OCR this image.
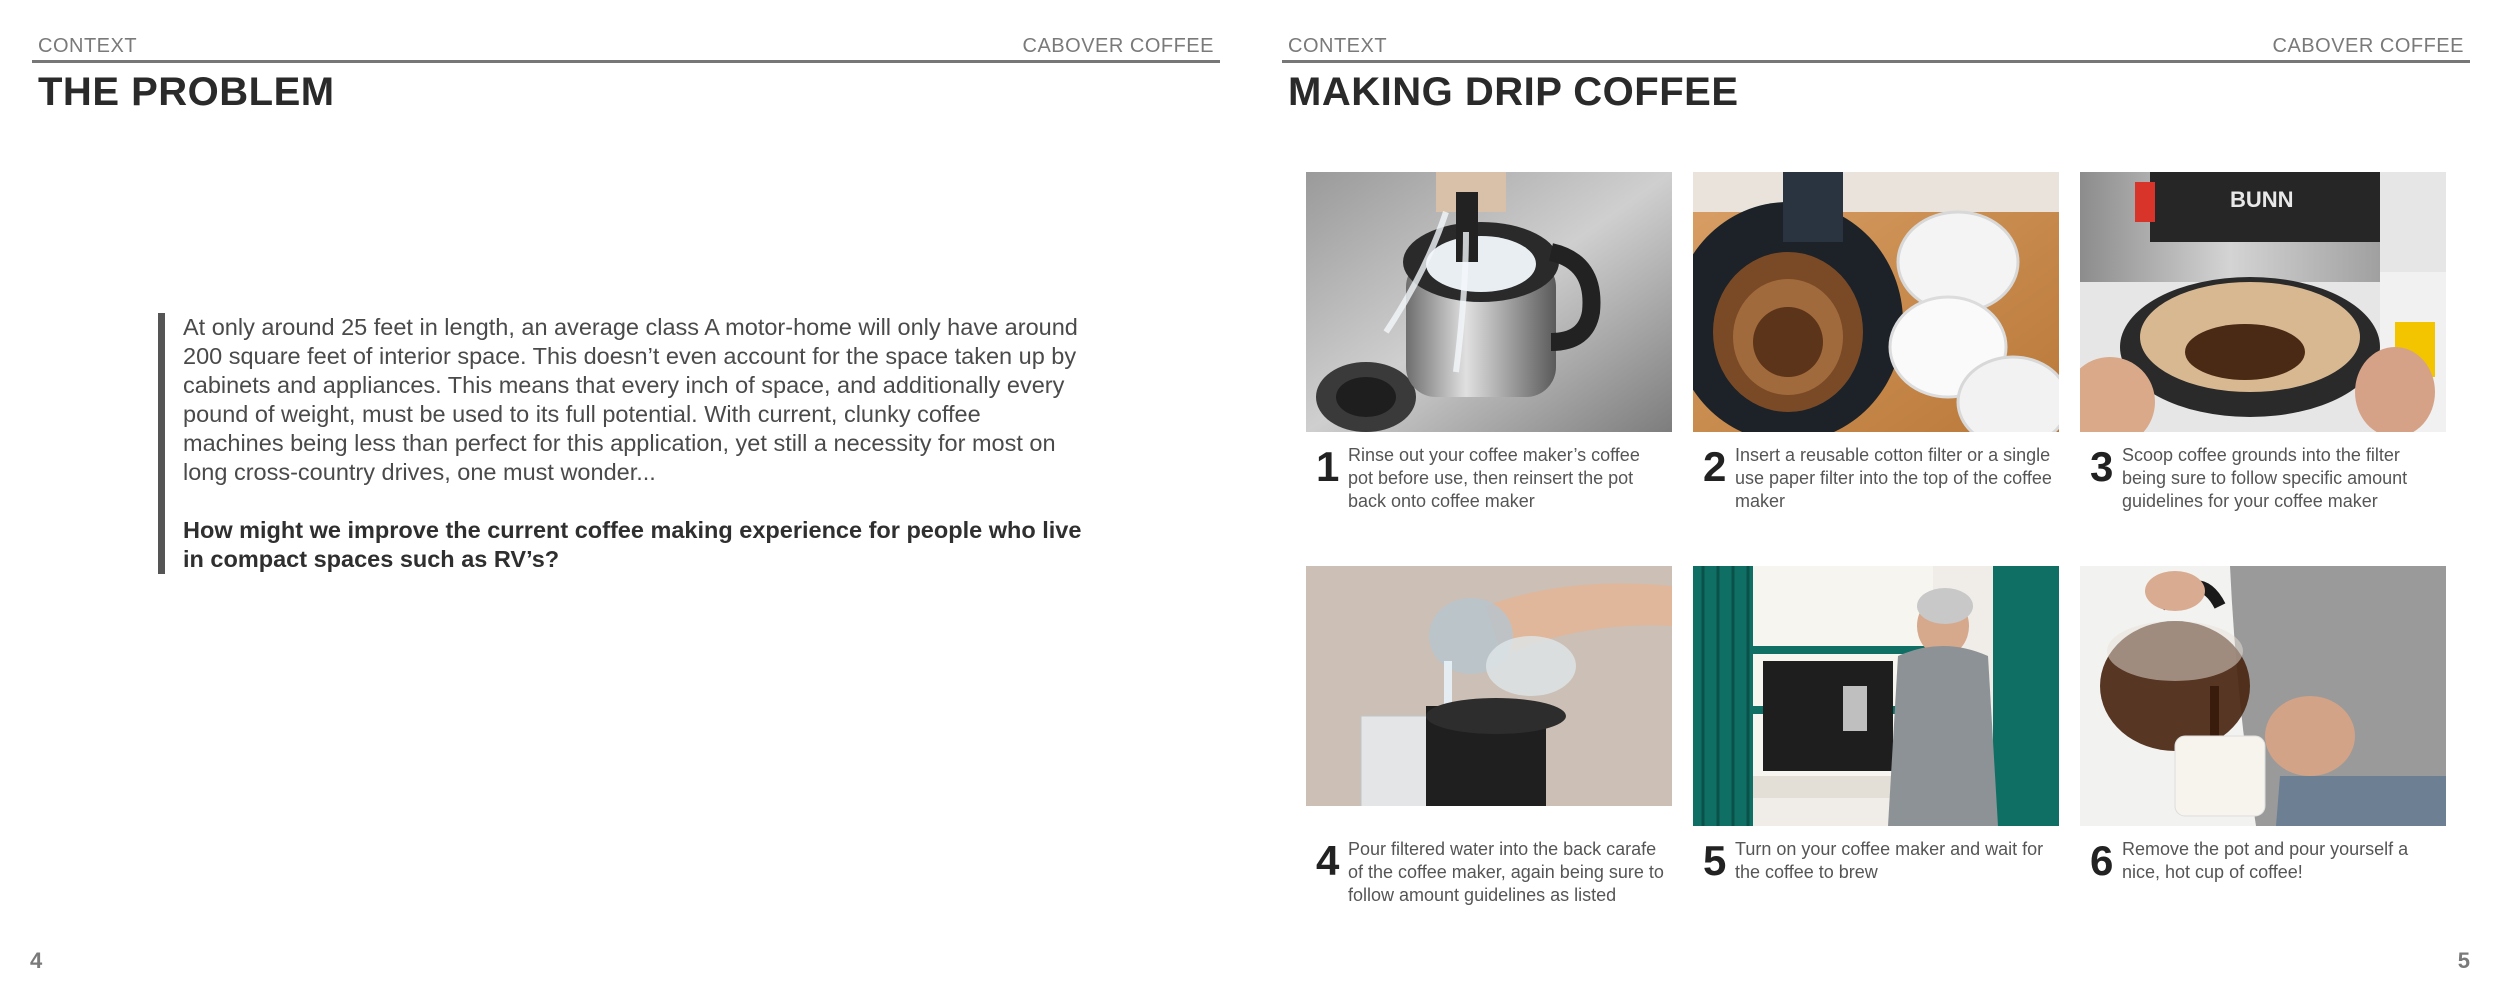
CONTEXT	CABOVER COFFEE
THE PROBLEM

At only around 25 feet in length, an average class A motor-home will only have around 200 square feet of interior space. This doesn’t even account for the space taken up by cabinets and appliances. This means that every inch of space, and additionally every pound of weight, must be used to its full potential. With current, clunky coffee machines being less than perfect for this application, yet still a necessity for most on long cross-country drives, one must wonder...

How might we improve the current coffee making experience for people who live in compact spaces such as RV’s?

4
CONTEXT	CABOVER COFFEE
MAKING DRIP COFFEE
1 Rinse out your coffee maker’s coffee pot before use, then reinsert the pot back onto coffee maker
2 Insert a reusable cotton filter or a single use paper filter into the top of the coffee maker
BUNN
3 Scoop coffee grounds into the filter being sure to follow specific amount guidelines for your coffee maker
4 Pour filtered water into the back carafe of the coffee maker, again being sure to follow amount guidelines as listed
5 Turn on your coffee maker and wait for the coffee to brew	6 Remove the pot and pour yourself a nice, hot cup of coffee!
5
